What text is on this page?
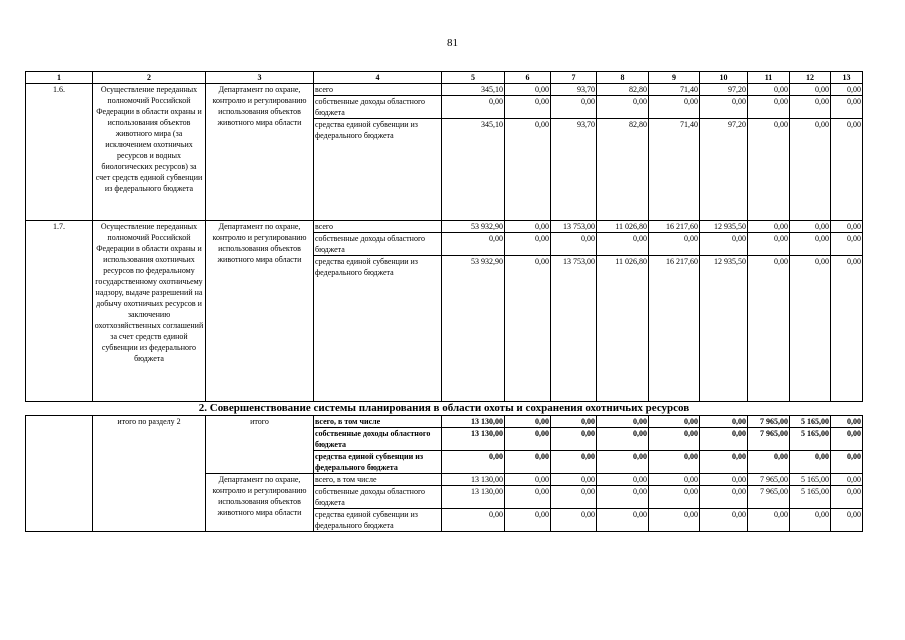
81
1	2	3	4	5	6	7	8	9	10	11	12	13
1.6.	Осуществление переданных полномочий Российской Федерации в области охраны и использования объектов животного мира (за исключением охотничьих ресурсов и водных биологических ресурсов) за счет средств единой субвенции из федерального бюджета	Департамент по охране, контролю и регулированию использования объектов животного мира области	всего	345,10	0,00	93,70	82,80	71,40	97,20	0,00	0,00	0,00
			собственные доходы областного бюджета	0,00	0,00	0,00	0,00	0,00	0,00	0,00	0,00	0,00
			средства единой субвенции из федерального бюджета	345,10	0,00	93,70	82,80	71,40	97,20	0,00	0,00	0,00
1.7.	Осуществление переданных полномочий Российской Федерации в области охраны и использования охотничьих ресурсов по федеральному государственному охотничьему надзору, выдаче разрешений на добычу охотничьих ресурсов и заключению охотхозяйственных соглашений за счет средств единой субвенции из федерального бюджета	Департамент по охране, контролю и регулированию использования объектов животного мира области	всего	53 932,90	0,00	13 753,00	11 026,80	16 217,60	12 935,50	0,00	0,00	0,00
			собственные доходы областного бюджета	0,00	0,00	0,00	0,00	0,00	0,00	0,00	0,00	0,00
			средства единой субвенции из федерального бюджета	53 932,90	0,00	13 753,00	11 026,80	16 217,60	12 935,50	0,00	0,00	0,00
2. Совершенствование системы планирования в области охоты и сохранения охотничьих ресурсов												
	итого по разделу 2	итого	всего, в том числе	13 130,00	0,00	0,00	0,00	0,00	0,00	7 965,00	5 165,00	0,00
			собственные доходы областного бюджета	13 130,00	0,00	0,00	0,00	0,00	0,00	7 965,00	5 165,00	0,00
			средства единой субвенции из федерального бюджета	0,00	0,00	0,00	0,00	0,00	0,00	0,00	0,00	0,00
		Департамент по охране, контролю и регулированию использования объектов животного мира области	всего, в том числе	13 130,00	0,00	0,00	0,00	0,00	0,00	7 965,00	5 165,00	0,00
			собственные доходы областного бюджета	13 130,00	0,00	0,00	0,00	0,00	0,00	7 965,00	5 165,00	0,00
			средства единой субвенции из федерального бюджета	0,00	0,00	0,00	0,00	0,00	0,00	0,00	0,00	0,00
